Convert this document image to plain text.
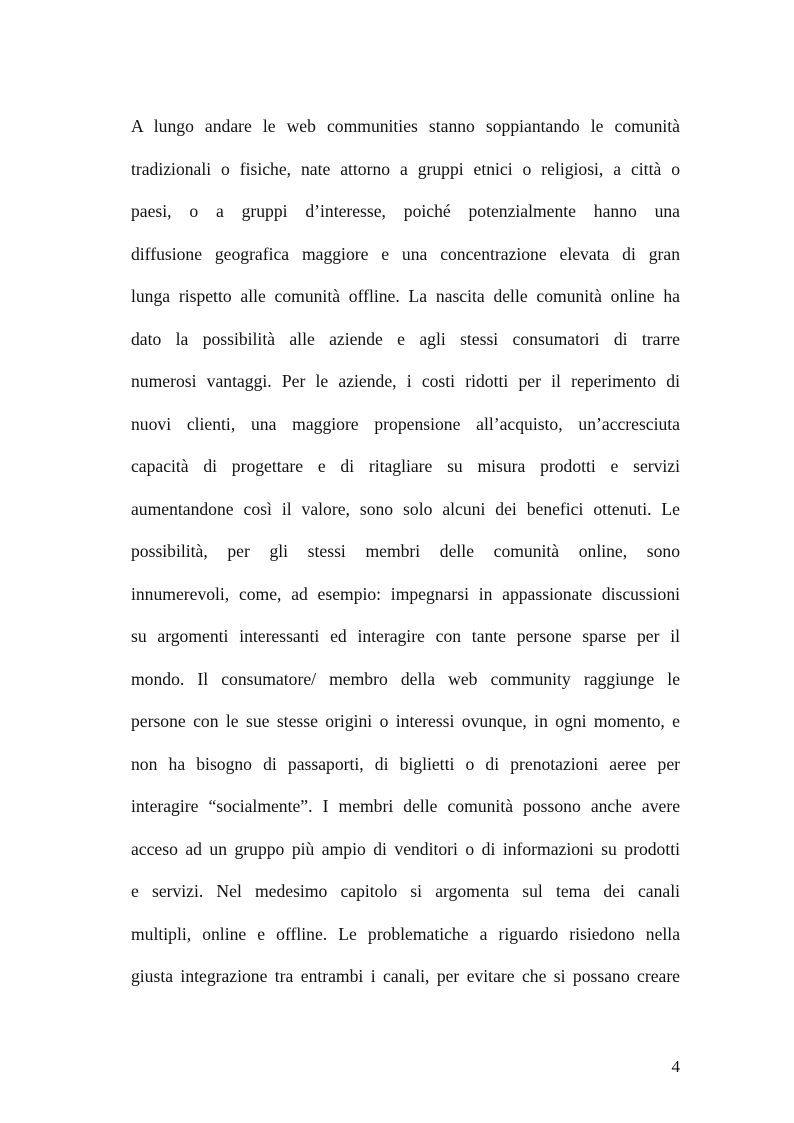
A lungo andare le web communities stanno soppiantando le comunità
tradizionali o fisiche, nate attorno a gruppi etnici o religiosi, a città o
paesi, o a gruppi d’interesse, poiché potenzialmente hanno una
diffusione geografica maggiore e una concentrazione elevata di gran
lunga rispetto alle comunità offline. La nascita delle comunità online ha
dato la possibilità alle aziende e agli stessi consumatori di trarre
numerosi vantaggi. Per le aziende, i costi ridotti per il reperimento di
nuovi clienti, una maggiore propensione all’acquisto, un’accresciuta
capacità di progettare e di ritagliare su misura prodotti e servizi
aumentandone così il valore, sono solo alcuni dei benefici ottenuti. Le
possibilità, per gli stessi membri delle comunità online, sono
innumerevoli, come, ad esempio: impegnarsi in appassionate discussioni
su argomenti interessanti ed interagire con tante persone sparse per il
mondo. Il consumatore/ membro della web community raggiunge le
persone con le sue stesse origini o interessi ovunque, in ogni momento, e
non ha bisogno di passaporti, di biglietti o di prenotazioni aeree per
interagire “socialmente”. I membri delle comunità possono anche avere
acceso ad un gruppo più ampio di venditori o di informazioni su prodotti
e servizi. Nel medesimo capitolo si argomenta sul tema dei canali
multipli, online e offline. Le problematiche a riguardo risiedono nella
giusta integrazione tra entrambi i canali, per evitare che si possano creare
4
